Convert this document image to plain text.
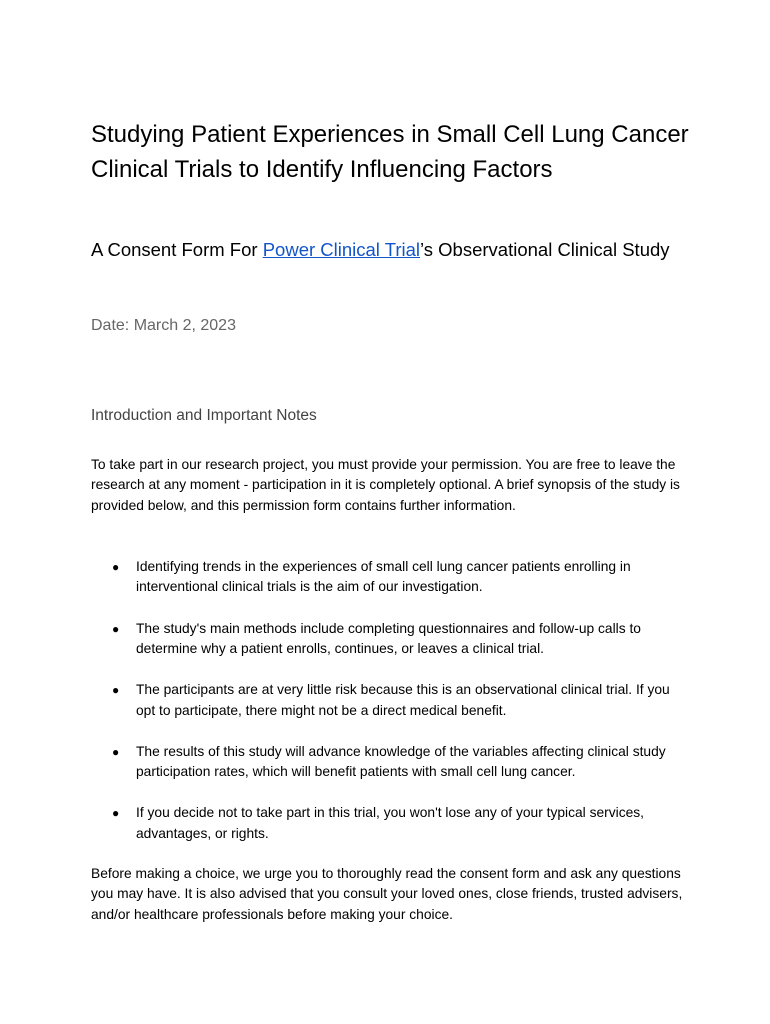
Studying Patient Experiences in Small Cell Lung Cancer Clinical Trials to Identify Influencing Factors

A Consent Form For Power Clinical Trial’s Observational Clinical Study

Date: March 2, 2023

Introduction and Important Notes

To take part in our research project, you must provide your permission. You are free to leave the research at any moment - participation in it is completely optional. A brief synopsis of the study is provided below, and this permission form contains further information.

● Identifying trends in the experiences of small cell lung cancer patients enrolling in interventional clinical trials is the aim of our investigation.
● The study's main methods include completing questionnaires and follow-up calls to determine why a patient enrolls, continues, or leaves a clinical trial.
● The participants are at very little risk because this is an observational clinical trial. If you opt to participate, there might not be a direct medical benefit.
● The results of this study will advance knowledge of the variables affecting clinical study participation rates, which will benefit patients with small cell lung cancer.
● If you decide not to take part in this trial, you won't lose any of your typical services, advantages, or rights.

Before making a choice, we urge you to thoroughly read the consent form and ask any questions you may have. It is also advised that you consult your loved ones, close friends, trusted advisers, and/or healthcare professionals before making your choice.
